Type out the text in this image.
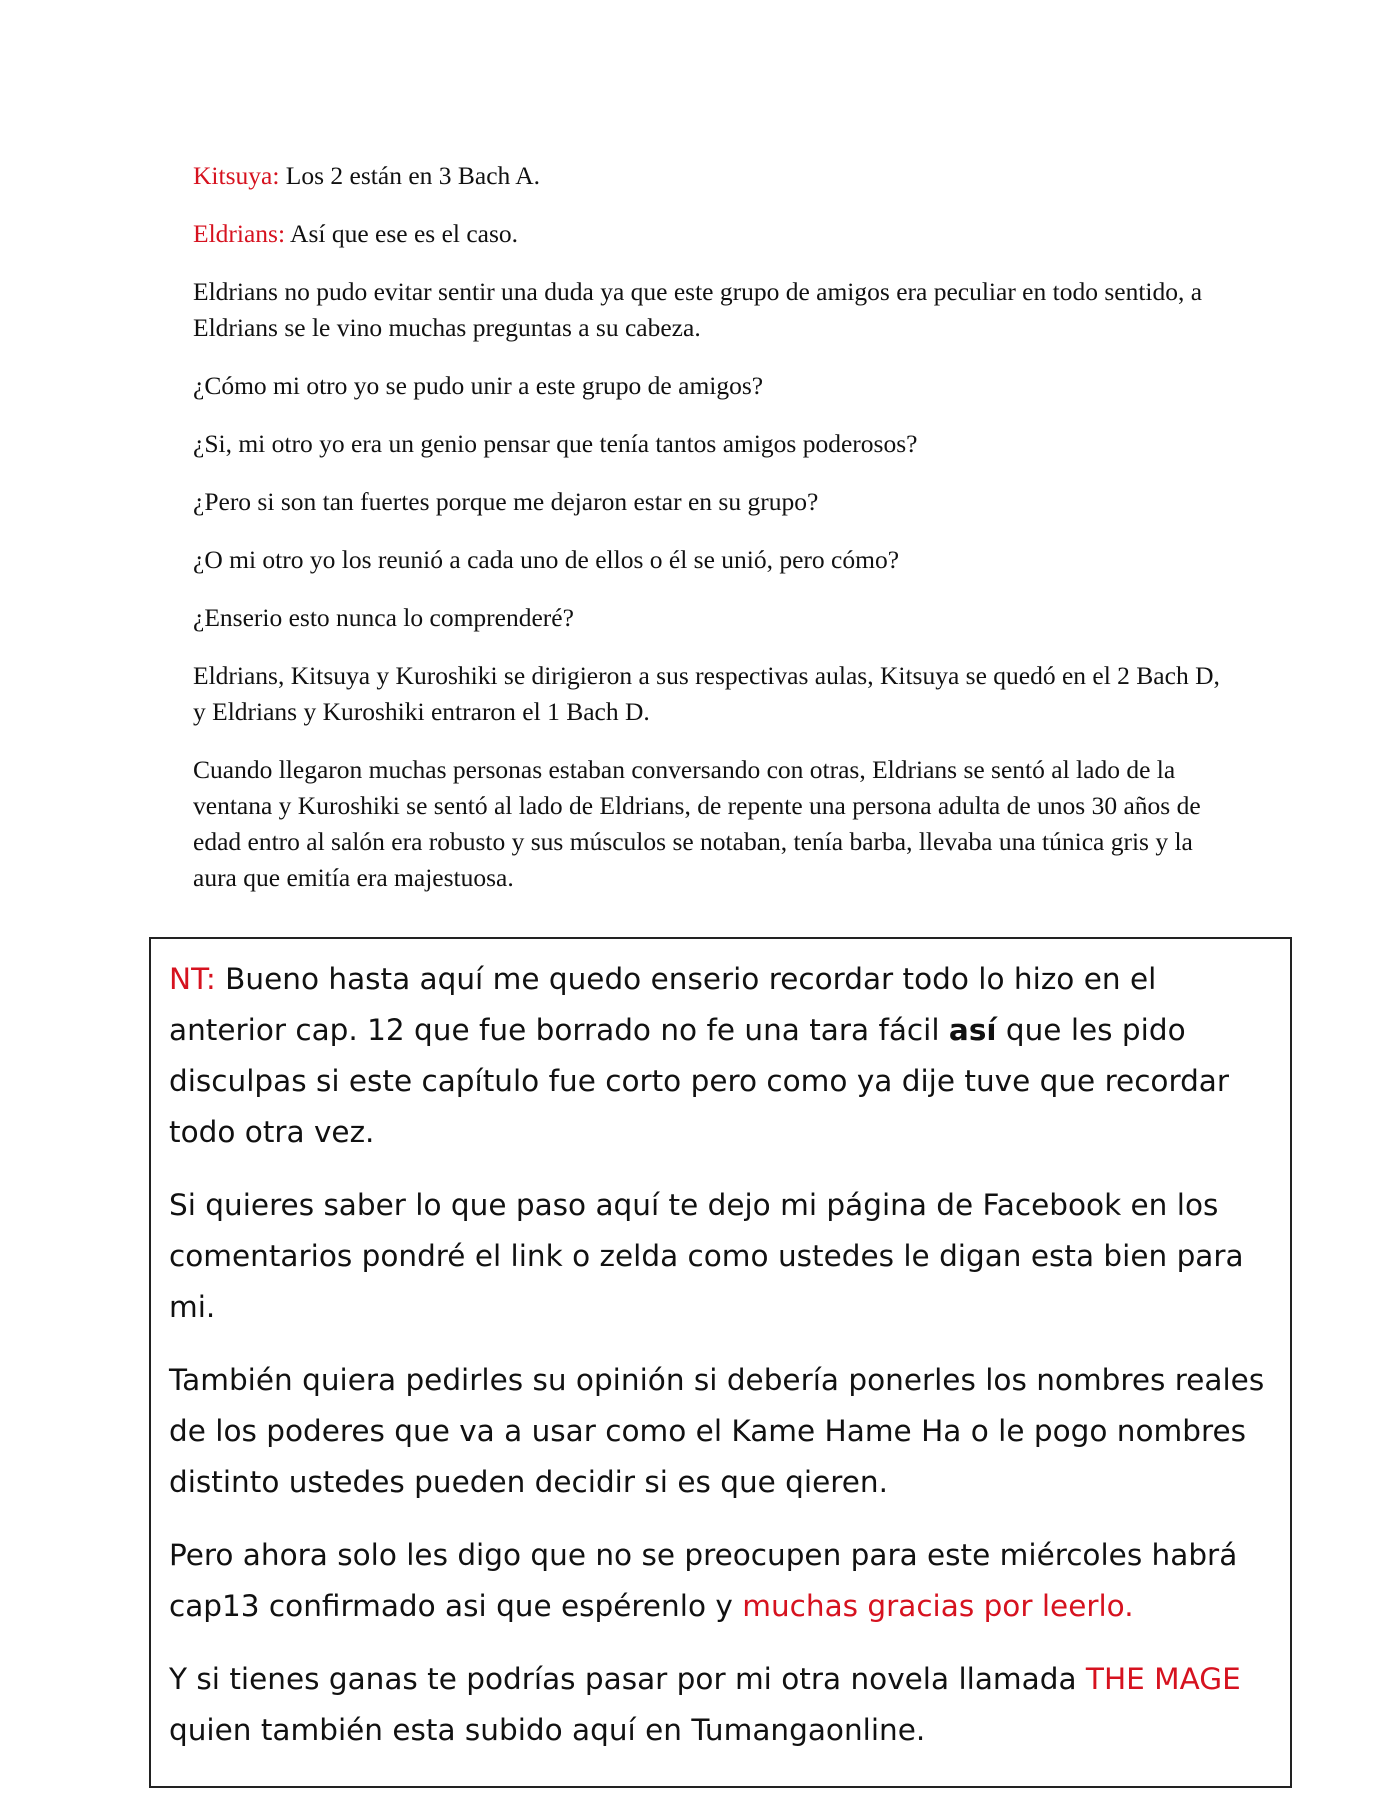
Kitsuya: Los 2 están en 3 Bach A.

Eldrians: Así que ese es el caso.

Eldrians no pudo evitar sentir una duda ya que este grupo de amigos era peculiar en todo sentido, a Eldrians se le vino muchas preguntas a su cabeza.

¿Cómo mi otro yo se pudo unir a este grupo de amigos?

¿Si, mi otro yo era un genio pensar que tenía tantos amigos poderosos?

¿Pero si son tan fuertes porque me dejaron estar en su grupo?

¿O mi otro yo los reunió a cada uno de ellos o él se unió, pero cómo?

¿Enserio esto nunca lo comprenderé?

Eldrians, Kitsuya y Kuroshiki se dirigieron a sus respectivas aulas, Kitsuya se quedó en el 2 Bach D, y Eldrians y Kuroshiki entraron el 1 Bach D.

Cuando llegaron muchas personas estaban conversando con otras, Eldrians se sentó al lado de la ventana y Kuroshiki se sentó al lado de Eldrians, de repente una persona adulta de unos 30 años de edad entro al salón era robusto y sus músculos se notaban, tenía barba, llevaba una túnica gris y la aura que emitía era majestuosa.

NT: Bueno hasta aquí me quedo enserio recordar todo lo hizo en el anterior cap. 12 que fue borrado no fe una tara fácil así que les pido disculpas si este capítulo fue corto pero como ya dije tuve que recordar todo otra vez.

Si quieres saber lo que paso aquí te dejo mi página de Facebook en los comentarios pondré el link o zelda como ustedes le digan esta bien para mi.

También quiera pedirles su opinión si debería ponerles los nombres reales de los poderes que va a usar como el Kame Hame Ha o le pogo nombres distinto ustedes pueden decidir si es que qieren.

Pero ahora solo les digo que no se preocupen para este miércoles habrá cap13 confirmado asi que espérenlo y muchas gracias por leerlo.

Y si tienes ganas te podrías pasar por mi otra novela llamada THE MAGE quien también esta subido aquí en Tumangaonline.
